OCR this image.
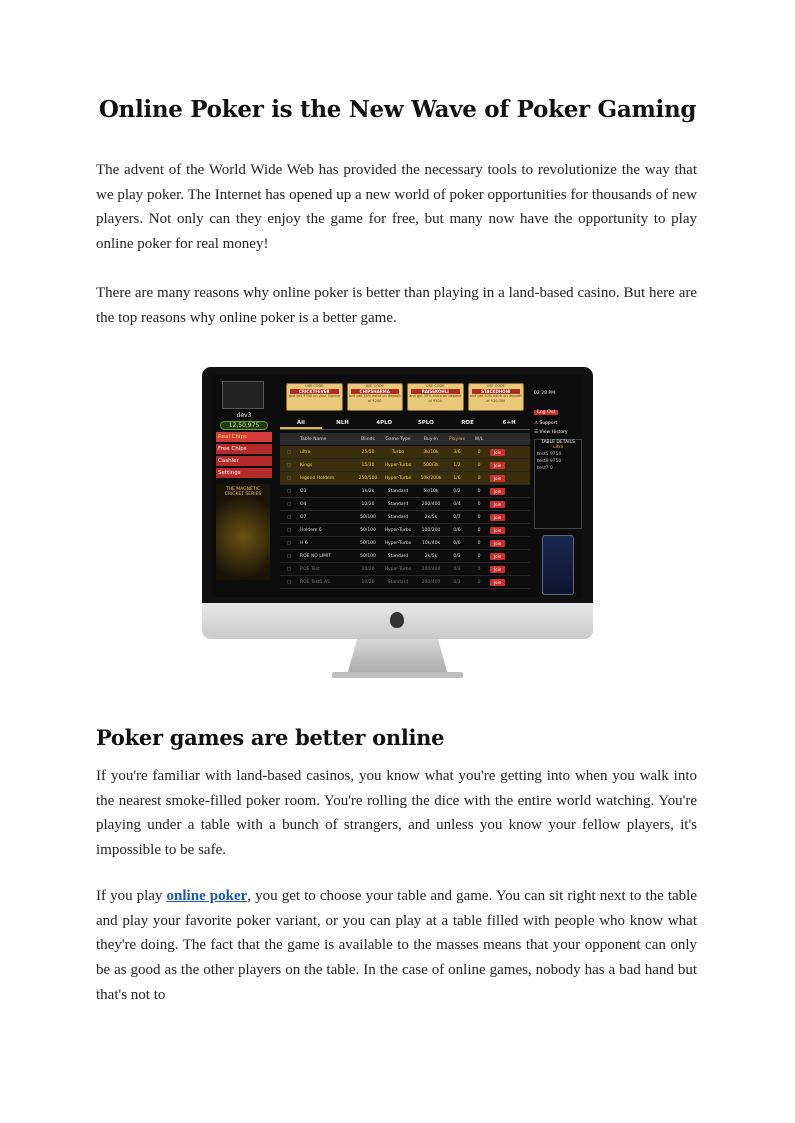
Online Poker is the New Wave of Poker Gaming

The advent of the World Wide Web has provided the necessary tools to revolutionize the way that we play poker. The Internet has opened up a new world of poker opportunities for thousands of new players. Not only can they enjoy the game for free, but many now have the opportunity to play online poker for real money!

There are many reasons why online poker is better than playing in a land-based casino. But here are the top reasons why online poker is a better game.

dev3
12,50,975
Real Chips
Free Chips
Cashier
Settings
THE MAGNETIC CRICKET SERIES
USE CODE
CRICKTFEVER
and get ₹300 on your Signup
USE CODE
CHIPSHARMA
and get 35% extra on deposit of ₹200
USE CODE
RAISEKOHLI
and get 35% extra on deposit of ₹500
USE CODE
STACKDHONI
and get 10% extra on deposit of ₹10,000
All	NLH	4PLO	5PLO	ROE	6+H
Table Name	Blinds	Game Type	Buy-In	Players	W/L
□	ultra	25/50	Turbo	3k/10k	3/6	0	Join
□	Kings	15/30	Hyper-Turbo	500/3k	1/2	0	Join
□	legend Holdem	250/500	Hyper-Turbo	50k/200k	1/6	0	Join
□	O3	1k/2k	Standard	5k/10k	0/2	0	Join
□	O4	10/20	Standard	200/400	0/4	0	Join
□	O7	50/100	Standard	2k/5k	0/7	0	Join
□	Holdem 6	50/100	Hyper-Turbo	100/200	0/6	0	Join
□	H 6	50/100	Hyper-Turbo	10k/40k	0/6	0	Join
□	ROE NO LIMIT	50/100	Standard	2k/5k	0/3	0	Join
□	ROE Test	10/20	Hyper-Turbo	200/400	0/3	0	Join
□	ROE Test5 A5	10/20	Standard	200/400	0/3	0	Join
02:28 PM Log Out
⚠ Support
☰ View History
TABLE DETAILS
ultra
test5 9750
test9 9750
test7 0
Poker games are better online

If you're familiar with land-based casinos, you know what you're getting into when you walk into the nearest smoke-filled poker room. You're rolling the dice with the entire world watching. You're playing under a table with a bunch of strangers, and unless you know your fellow players, it's impossible to be safe.

If you play online poker, you get to choose your table and game. You can sit right next to the table and play your favorite poker variant, or you can play at a table filled with people who know what they're doing. The fact that the game is available to the masses means that your opponent can only be as good as the other players on the table. In the case of online games, nobody has a bad hand but that's not to
